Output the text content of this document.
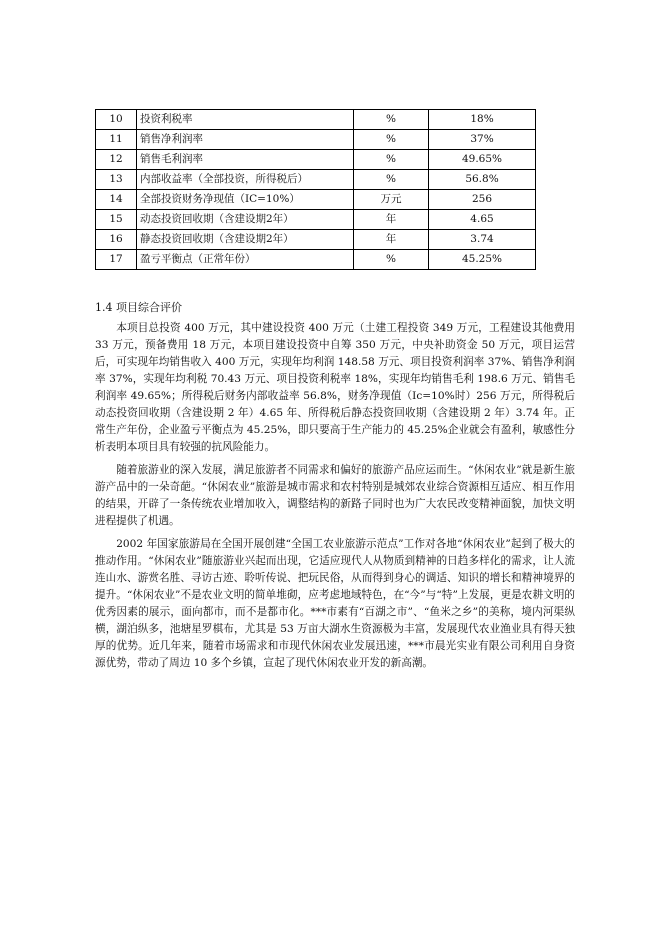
10	投资利税率	%	18%
11	销售净利润率	%	37%
12	销售毛利润率	%	49.65%
13	内部收益率（全部投资，所得税后）	%	56.8%
14	全部投资财务净现值（IC=10%）	万元	256
15	动态投资回收期（含建设期2年）	年	4.65
16	静态投资回收期（含建设期2年）	年	3.74
17	盈亏平衡点（正常年份）	%	45.25%
1.4 项目综合评价

本项目总投资 400 万元，其中建设投资 400 万元（土建工程投资 349 万元，工程建设其他费用 33 万元，预备费用 18 万元，本项目建设投资中自筹 350 万元，中央补助资金 50 万元，项目运营后，可实现年均销售收入 400 万元，实现年均利润 148.58 万元、项目投资利润率 37%、销售净利润率 37%，实现年均利税 70.43 万元、项目投资利税率 18%，实现年均销售毛利 198.6 万元、销售毛利润率 49.65%；所得税后财务内部收益率 56.8%，财务净现值（Ic=10%时）256 万元，所得税后动态投资回收期（含建设期 2 年）4.65 年、所得税后静态投资回收期（含建设期 2 年）3.74 年。正常生产年份，企业盈亏平衡点为 45.25%，即只要高于生产能力的 45.25%企业就会有盈利，敏感性分析表明本项目具有较强的抗风险能力。

随着旅游业的深入发展，满足旅游者不同需求和偏好的旅游产品应运而生。“休闲农业”就是新生旅游产品中的一朵奇葩。“休闲农业”旅游是城市需求和农村特别是城郊农业综合资源相互适应、相互作用的结果，开辟了一条传统农业增加收入，调整结构的新路子同时也为广大农民改变精神面貌，加快文明进程提供了机遇。

2002 年国家旅游局在全国开展创建“全国工农业旅游示范点”工作对各地“休闲农业”起到了极大的推动作用。“休闲农业”随旅游业兴起而出现，它适应现代人从物质到精神的日趋多样化的需求，让人流连山水、游赏名胜、寻访古迹、聆听传说、把玩民俗，从而得到身心的调适、知识的增长和精神境界的提升。“休闲农业”不是农业文明的简单堆砌，应考虑地域特色，在“今”与“特”上发展，更是农耕文明的优秀因素的展示，面向都市，而不是都市化。***市素有“百湖之市”、“鱼米之乡”的美称，境内河渠纵横，湖泊纵多，池塘星罗棋布，尤其是 53 万亩大湖水生资源极为丰富，发展现代农业渔业具有得天独厚的优势。近几年来，随着市场需求和市现代休闲农业发展迅速，***市晨光实业有限公司利用自身资源优势，带动了周边 10 多个乡镇，宣起了现代休闲农业开发的新高潮。
